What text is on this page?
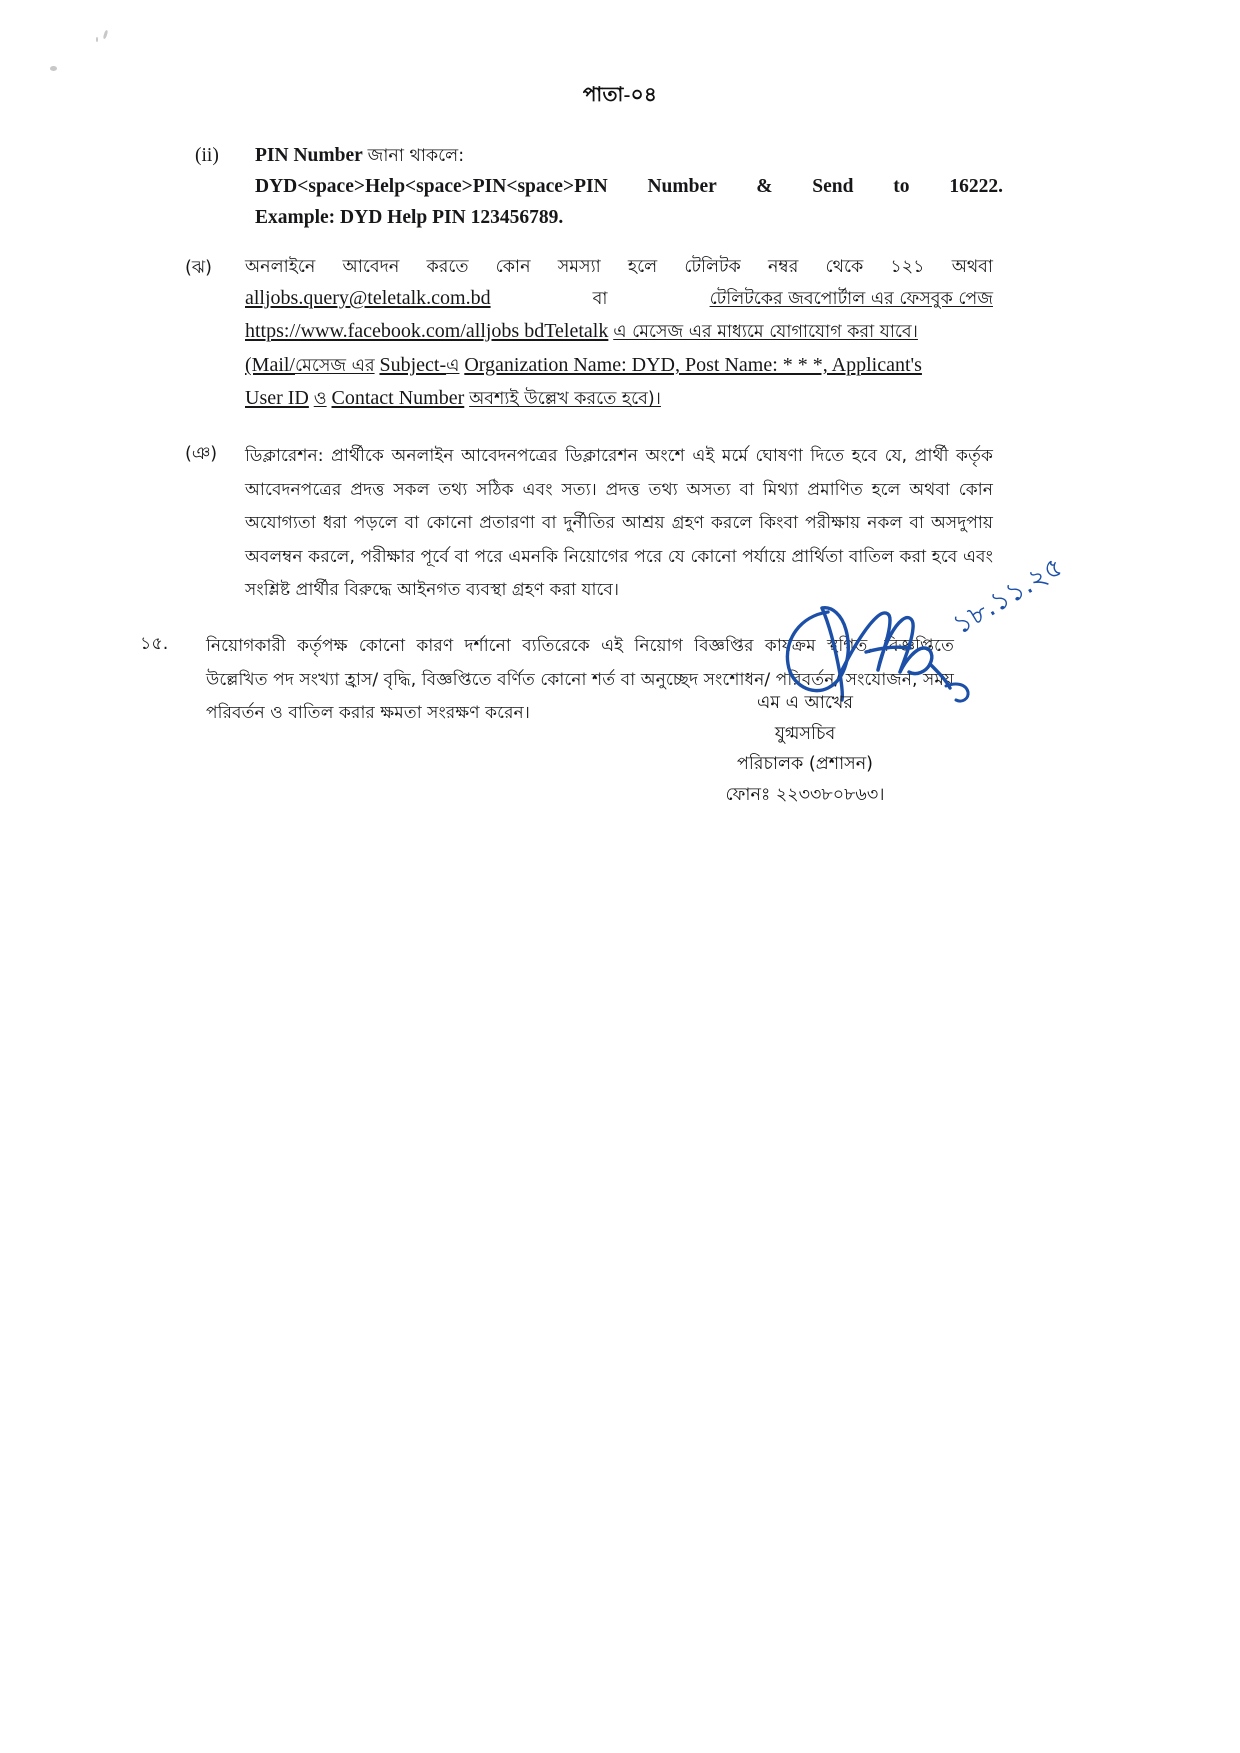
পাতা-০৪
(ii)	PIN Number জানা থাকলে:
DYD<space>Help<space>PIN<space>PIN Number & Send to 16222.
Example: DYD Help PIN 123456789.
(ঝ)	অনলাইনে আবেদন করতে কোন সমস্যা হলে টেলিটক নম্বর থেকে ১২১ অথবা
alljobs.query@teletalk.com.bd	বা	টেলিটকের জবপোর্টাল এর ফেসবুক পেজ
https://www.facebook.com/alljobs bdTeletalk এ মেসেজ এর মাধ্যমে যোগাযোগ করা যাবে।
(Mail/মেসেজ এর Subject-এ Organization Name: DYD, Post Name: * * *, Applicant's
User ID ও Contact Number অবশ্যই উল্লেখ করতে হবে)।
(ঞ)	ডিক্লারেশন: প্রার্থীকে অনলাইন আবেদনপত্রের ডিক্লারেশন অংশে এই মর্মে ঘোষণা দিতে হবে যে, প্রার্থী কর্তৃক আবেদনপত্রের প্রদত্ত সকল তথ্য সঠিক এবং সত্য। প্রদত্ত তথ্য অসত্য বা মিথ্যা প্রমাণিত হলে অথবা কোন অযোগ্যতা ধরা পড়লে বা কোনো প্রতারণা বা দুর্নীতির আশ্রয় গ্রহণ করলে কিংবা পরীক্ষায় নকল বা অসদুপায় অবলম্বন করলে, পরীক্ষার পূর্বে বা পরে এমনকি নিয়োগের পরে যে কোনো পর্যায়ে প্রার্থিতা বাতিল করা হবে এবং সংশ্লিষ্ট প্রার্থীর বিরুদ্ধে আইনগত ব্যবস্থা গ্রহণ করা যাবে।
১৫.	নিয়োগকারী কর্তৃপক্ষ কোনো কারণ দর্শানো ব্যতিরেকে এই নিয়োগ বিজ্ঞপ্তির কার্যক্রম স্থগিত, বিজ্ঞপ্তিতে উল্লেখিত পদ সংখ্যা হ্রাস/ বৃদ্ধি, বিজ্ঞপ্তিতে বর্ণিত কোনো শর্ত বা অনুচ্ছেদ সংশোধন/ পরিবর্তন/ সংযোজন, সময় পরিবর্তন ও বাতিল করার ক্ষমতা সংরক্ষণ করেন।
১৮.১১.২৫
এম এ আখের
যুগ্মসচিব
পরিচালক (প্রশাসন)
ফোনঃ ২২৩৩৮০৮৬৩।
